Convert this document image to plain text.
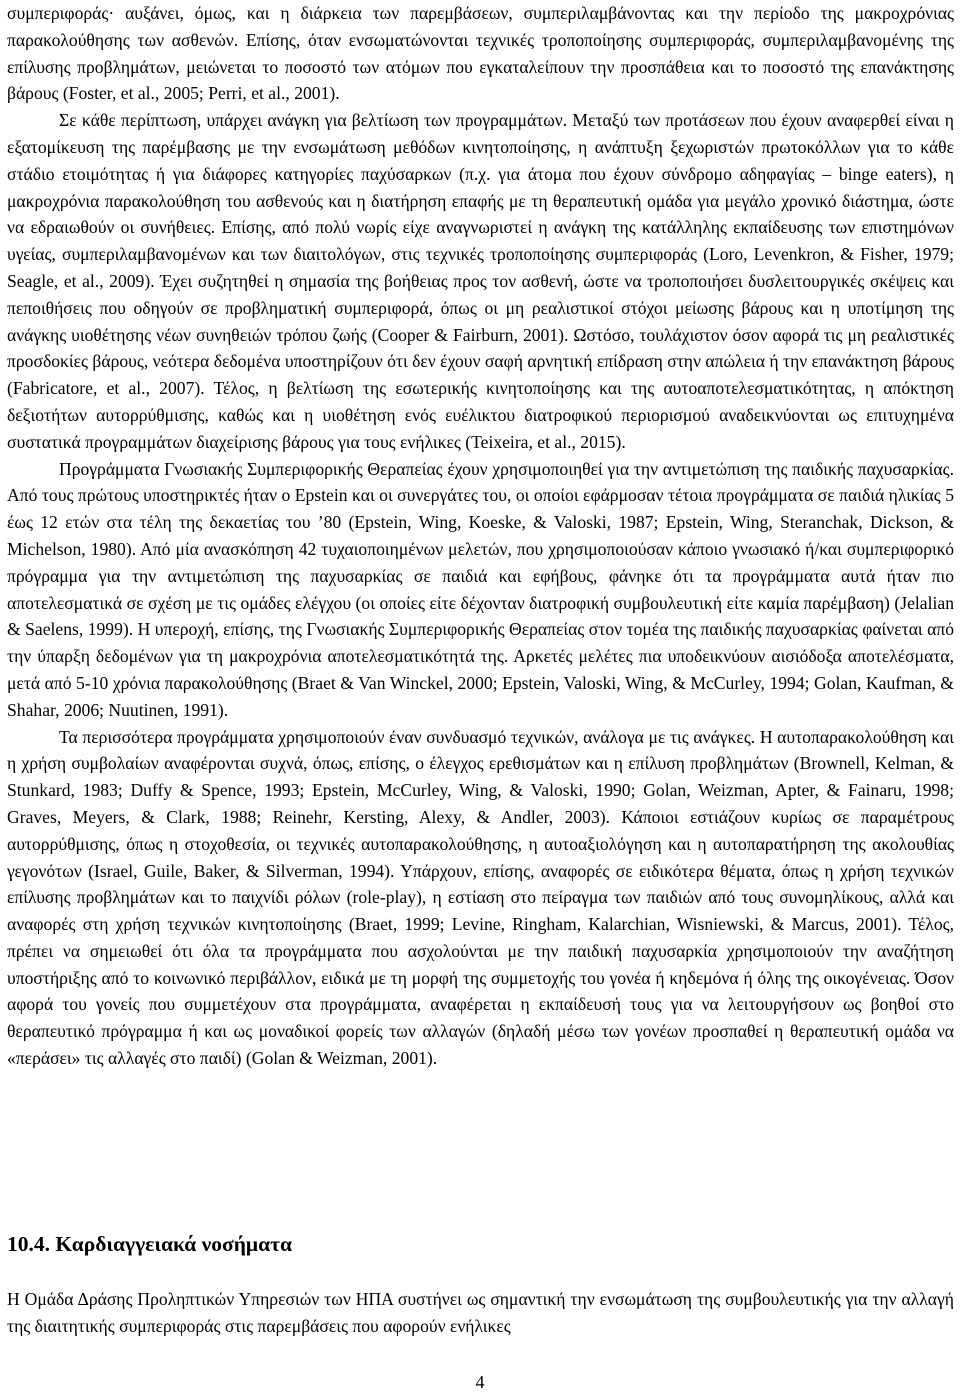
συμπεριφοράς· αυξάνει, όμως, και η διάρκεια των παρεμβάσεων, συμπεριλαμβάνοντας και την περίοδο της μακροχρόνιας παρακολούθησης των ασθενών. Επίσης, όταν ενσωματώνονται τεχνικές τροποποίησης συμπεριφοράς, συμπεριλαμβανομένης της επίλυσης προβλημάτων, μειώνεται το ποσοστό των ατόμων που εγκαταλείπουν την προσπάθεια και το ποσοστό της επανάκτησης βάρους (Foster, et al., 2005; Perri, et al., 2001).

Σε κάθε περίπτωση, υπάρχει ανάγκη για βελτίωση των προγραμμάτων. Μεταξύ των προτάσεων που έχουν αναφερθεί είναι η εξατομίκευση της παρέμβασης με την ενσωμάτωση μεθόδων κινητοποίησης, η ανάπτυξη ξεχωριστών πρωτοκόλλων για το κάθε στάδιο ετοιμότητας ή για διάφορες κατηγορίες παχύσαρκων (π.χ. για άτομα που έχουν σύνδρομο αδηφαγίας – binge eaters), η μακροχρόνια παρακολούθηση του ασθενούς και η διατήρηση επαφής με τη θεραπευτική ομάδα για μεγάλο χρονικό διάστημα, ώστε να εδραιωθούν οι συνήθειες. Επίσης, από πολύ νωρίς είχε αναγνωριστεί η ανάγκη της κατάλληλης εκπαίδευσης των επιστημόνων υγείας, συμπεριλαμβανομένων και των διαιτολόγων, στις τεχνικές τροποποίησης συμπεριφοράς (Loro, Levenkron, & Fisher, 1979; Seagle, et al., 2009). Έχει συζητηθεί η σημασία της βοήθειας προς τον ασθενή, ώστε να τροποποιήσει δυσλειτουργικές σκέψεις και πεποιθήσεις που οδηγούν σε προβληματική συμπεριφορά, όπως οι μη ρεαλιστικοί στόχοι μείωσης βάρους και η υποτίμηση της ανάγκης υιοθέτησης νέων συνηθειών τρόπου ζωής (Cooper & Fairburn, 2001). Ωστόσο, τουλάχιστον όσον αφορά τις μη ρεαλιστικές προσδοκίες βάρους, νεότερα δεδομένα υποστηρίζουν ότι δεν έχουν σαφή αρνητική επίδραση στην απώλεια ή την επανάκτηση βάρους (Fabricatore, et al., 2007). Τέλος, η βελτίωση της εσωτερικής κινητοποίησης και της αυτοαποτελεσματικότητας, η απόκτηση δεξιοτήτων αυτορρύθμισης, καθώς και η υιοθέτηση ενός ευέλικτου διατροφικού περιορισμού αναδεικνύονται ως επιτυχημένα συστατικά προγραμμάτων διαχείρισης βάρους για τους ενήλικες (Teixeira, et al., 2015).

Προγράμματα Γνωσιακής Συμπεριφορικής Θεραπείας έχουν χρησιμοποιηθεί για την αντιμετώπιση της παιδικής παχυσαρκίας. Από τους πρώτους υποστηρικτές ήταν ο Epstein και οι συνεργάτες του, οι οποίοι εφάρμοσαν τέτοια προγράμματα σε παιδιά ηλικίας 5 έως 12 ετών στα τέλη της δεκαετίας του ’80 (Epstein, Wing, Koeske, & Valoski, 1987; Epstein, Wing, Steranchak, Dickson, & Michelson, 1980). Από μία ανασκόπηση 42 τυχαιοποιημένων μελετών, που χρησιμοποιούσαν κάποιο γνωσιακό ή/και συμπεριφορικό πρόγραμμα για την αντιμετώπιση της παχυσαρκίας σε παιδιά και εφήβους, φάνηκε ότι τα προγράμματα αυτά ήταν πιο αποτελεσματικά σε σχέση με τις ομάδες ελέγχου (οι οποίες είτε δέχονταν διατροφική συμβουλευτική είτε καμία παρέμβαση) (Jelalian & Saelens, 1999). Η υπεροχή, επίσης, της Γνωσιακής Συμπεριφορικής Θεραπείας στον τομέα της παιδικής παχυσαρκίας φαίνεται από την ύπαρξη δεδομένων για τη μακροχρόνια αποτελεσματικότητά της. Αρκετές μελέτες πια υποδεικνύουν αισιόδοξα αποτελέσματα, μετά από 5-10 χρόνια παρακολούθησης (Braet & Van Winckel, 2000; Epstein, Valoski, Wing, & McCurley, 1994; Golan, Kaufman, & Shahar, 2006; Nuutinen, 1991).

Τα περισσότερα προγράμματα χρησιμοποιούν έναν συνδυασμό τεχνικών, ανάλογα με τις ανάγκες. Η αυτοπαρακολούθηση και η χρήση συμβολαίων αναφέρονται συχνά, όπως, επίσης, ο έλεγχος ερεθισμάτων και η επίλυση προβλημάτων (Brownell, Kelman, & Stunkard, 1983; Duffy & Spence, 1993; Epstein, McCurley, Wing, & Valoski, 1990; Golan, Weizman, Apter, & Fainaru, 1998; Graves, Meyers, & Clark, 1988; Reinehr, Kersting, Alexy, & Andler, 2003). Κάποιοι εστιάζουν κυρίως σε παραμέτρους αυτορρύθμισης, όπως η στοχοθεσία, οι τεχνικές αυτοπαρακολούθησης, η αυτοαξιολόγηση και η αυτοπαρατήρηση της ακολουθίας γεγονότων (Israel, Guile, Baker, & Silverman, 1994). Υπάρχουν, επίσης, αναφορές σε ειδικότερα θέματα, όπως η χρήση τεχνικών επίλυσης προβλημάτων και το παιχνίδι ρόλων (role-play), η εστίαση στο πείραγμα των παιδιών από τους συνομηλίκους, αλλά και αναφορές στη χρήση τεχνικών κινητοποίησης (Braet, 1999; Levine, Ringham, Kalarchian, Wisniewski, & Marcus, 2001). Τέλος, πρέπει να σημειωθεί ότι όλα τα προγράμματα που ασχολούνται με την παιδική παχυσαρκία χρησιμοποιούν την αναζήτηση υποστήριξης από το κοινωνικό περιβάλλον, ειδικά με τη μορφή της συμμετοχής του γονέα ή κηδεμόνα ή όλης της οικογένειας. Όσον αφορά του γονείς που συμμετέχουν στα προγράμματα, αναφέρεται η εκπαίδευσή τους για να λειτουργήσουν ως βοηθοί στο θεραπευτικό πρόγραμμα ή και ως μοναδικοί φορείς των αλλαγών (δηλαδή μέσω των γονέων προσπαθεί η θεραπευτική ομάδα να «περάσει» τις αλλαγές στο παιδί) (Golan & Weizman, 2001).

10.4. Καρδιαγγειακά νοσήματα

Η Ομάδα Δράσης Προληπτικών Υπηρεσιών των ΗΠΑ συστήνει ως σημαντική την ενσωμάτωση της συμβουλευτικής για την αλλαγή της διαιτητικής συμπεριφοράς στις παρεμβάσεις που αφορούν ενήλικες

4
